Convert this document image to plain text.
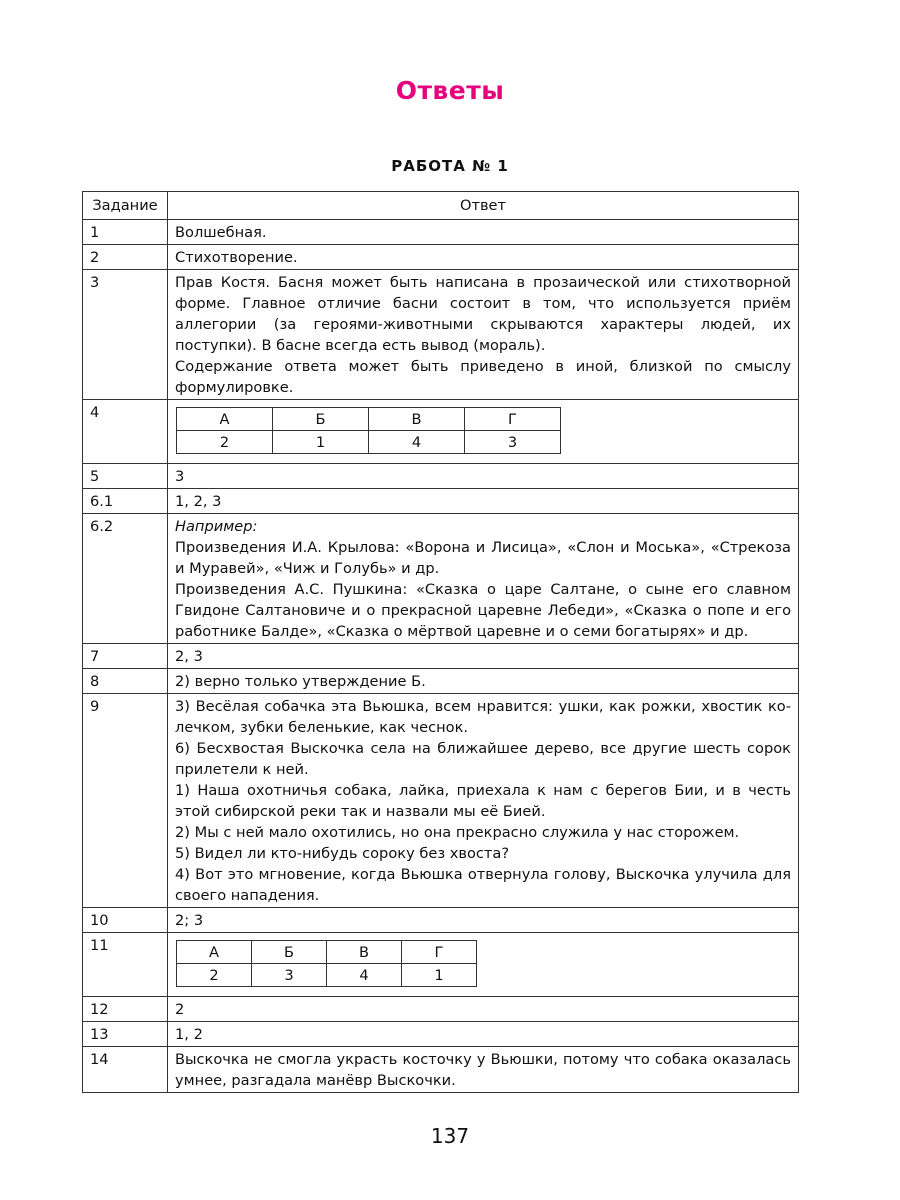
Ответы
РАБОТА № 1
Задание	Ответ
1	Волшебная.

2	Стихотворение.

3	Прав Костя. Басня может быть написана в прозаической или стихотворной форме. Главное отличие басни состоит в том, что используется приём аллегории (за героями-животными скрываются характеры людей, их поступки). В басне всегда есть вывод (мораль).

Содержание ответа может быть приведено в иной, близкой по смыслу формулировке.

4		А	Б	В	Г
2	1	4	3

5	3

6.1	1, 2, 3

6.2	Например:

Произведения И.А. Крылова: «Ворона и Лисица», «Слон и Моська», «Стрекоза и Муравей», «Чиж и Голубь» и др.

Произведения А.С. Пушкина: «Сказка о царе Салтане, о сыне его славном Гвидоне Салтановиче и о прекрасной царевне Лебеди», «Сказка о попе и его работнике Балде», «Сказка о мёртвой царевне и о семи богатырях» и др.

7	2, 3

8	2) верно только утверждение Б.

9	3) Весёлая собачка эта Вьюшка, всем нравится: ушки, как рожки, хвостик колечком, зубки беленькие, как чеснок.

6) Бесхвостая Выскочка села на ближайшее дерево, все другие шесть сорок прилетели к ней.

1) Наша охотничья собака, лайка, приехала к нам с берегов Бии, и в честь этой сибирской реки так и назвали мы её Бией.

2) Мы с ней мало охотились, но она прекрасно служила у нас сторожем.

5) Видел ли кто-нибудь сороку без хвоста?

4) Вот это мгновение, когда Вьюшка отвернула голову, Выскочка улучила для своего нападения.

10	2; 3

11		А	Б	В	Г
2	3	4	1

12	2

13	1, 2

14	Выскочка не смогла украсть косточку у Вьюшки, потому что собака оказалась умнее, разгадала манёвр Выскочки.

137
